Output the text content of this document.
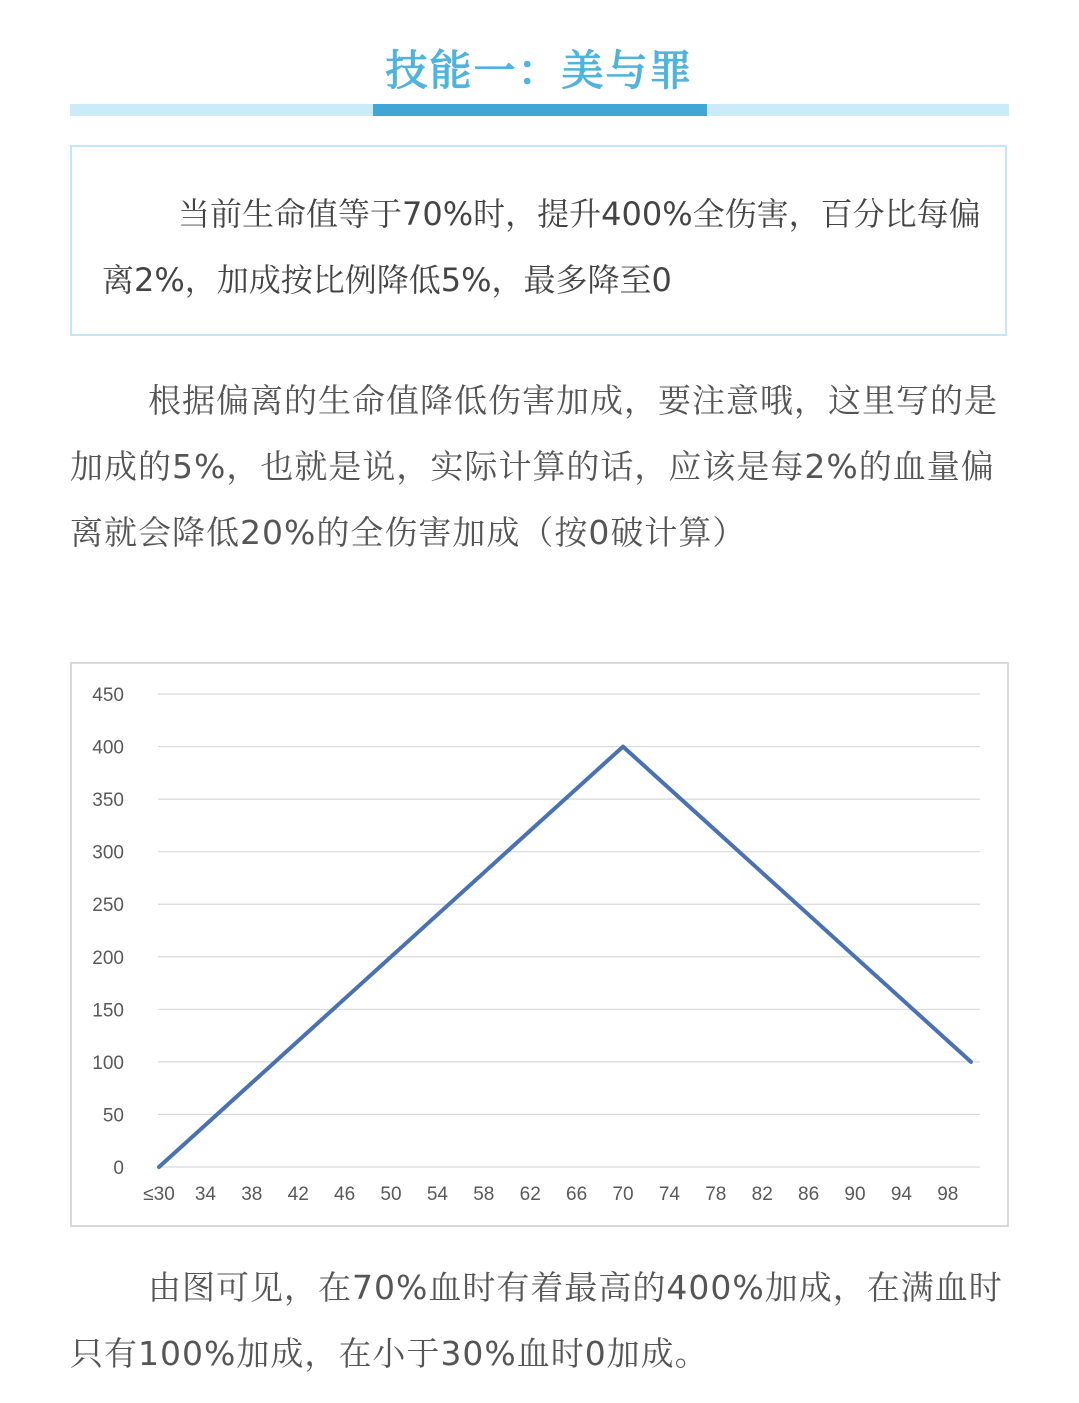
技能一：美与罪

当前生命值等于70%时，提升400%全伤害，百分比每偏离2%，加成按比例降低5%，最多降至0

根据偏离的生命值降低伤害加成，要注意哦，这里写的是加成的5%，也就是说，实际计算的话，应该是每2%的血量偏离就会降低20%的全伤害加成（按0破计算）

0
50
100
150
200
250
300
350
400
450
≤30 34 38 42 46 50 54 58 62 66 70 74 78 82 86 90 94 98

由图可见，在70%血时有着最高的400%加成，在满血时只有100%加成，在小于30%血时0加成。
